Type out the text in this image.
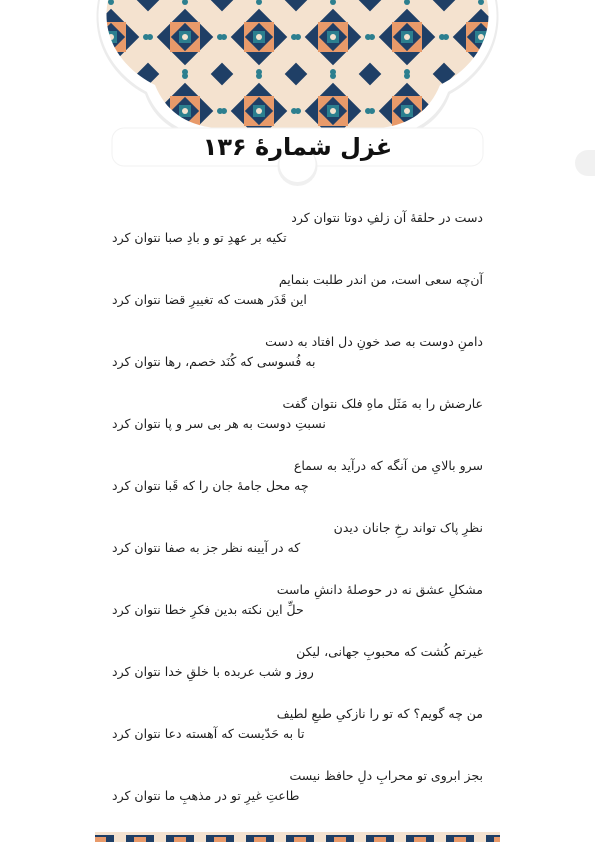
غزل شمارهٔ ۱۳۶
دست در حلقهٔ آن زلفِ دوتا نتوان کرد
تکیه بر عهدِ تو و بادِ صبا نتوان کرد
آن‌چه سعی است، من اندر طلبت بنمایم
این قَدَر هست که تغییرِ قضا نتوان کرد
دامنِ دوست به صد خونِ دل افتاد به دست
به فُسوسی که کُنَد خصم، رها نتوان کرد
عارضش را به مَثَل ماهِ فلک نتوان گفت
نسبتِ دوست به هر بی سر و پا نتوان کرد
سرو بالایِ من آنگه که درآید به سماع
چه محل جامهٔ جان را که قَبا نتوان کرد
نظرِ پاک تواند رخِ جانان دیدن
که در آیینه نظر جز به صفا نتوان کرد
مشکلِ عشق نه در حوصلهٔ دانشِ ماست
حلِّ این نکته بدین فکرِ خطا نتوان کرد
غیرتم کُشت که محبوبِ جهانی، لیکن
روز و شب عربده با خلقِ خدا نتوان کرد
من چه گویم؟ که تو را نازکیِ طبعِ لطیف
تا به حَدّیست که آهسته دعا نتوان کرد
بجز ابروی تو محرابِ دلِ حافظ نیست
طاعتِ غیرِ تو در مذهبِ ما نتوان کرد
